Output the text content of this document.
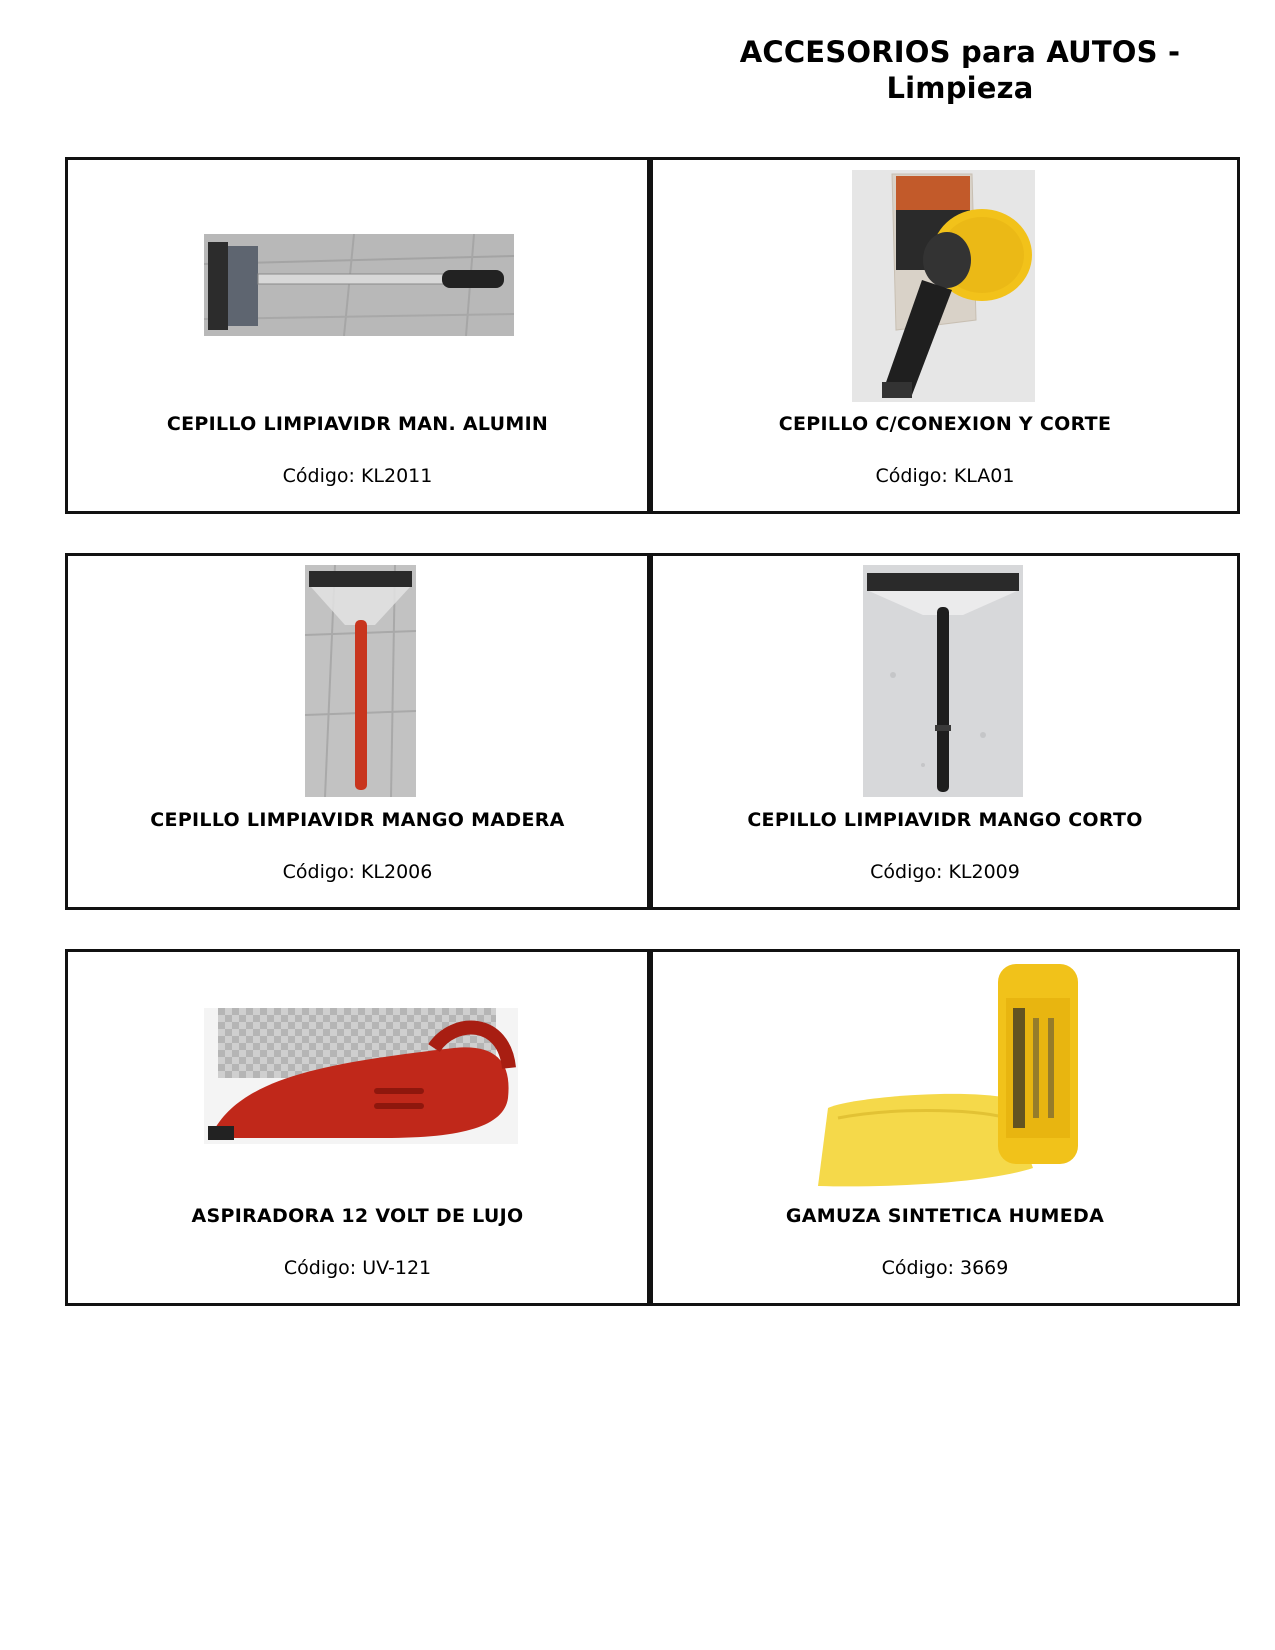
ACCESORIOS para AUTOS -
Limpieza
CEPILLO LIMPIAVIDR MAN. ALUMIN
Código: KL2011
CEPILLO C/CONEXION Y CORTE
Código: KLA01
CEPILLO LIMPIAVIDR MANGO MADERA
Código: KL2006
CEPILLO LIMPIAVIDR MANGO CORTO
Código: KL2009
ASPIRADORA 12 VOLT DE LUJO
Código: UV-121
GAMUZA SINTETICA HUMEDA
Código: 3669
